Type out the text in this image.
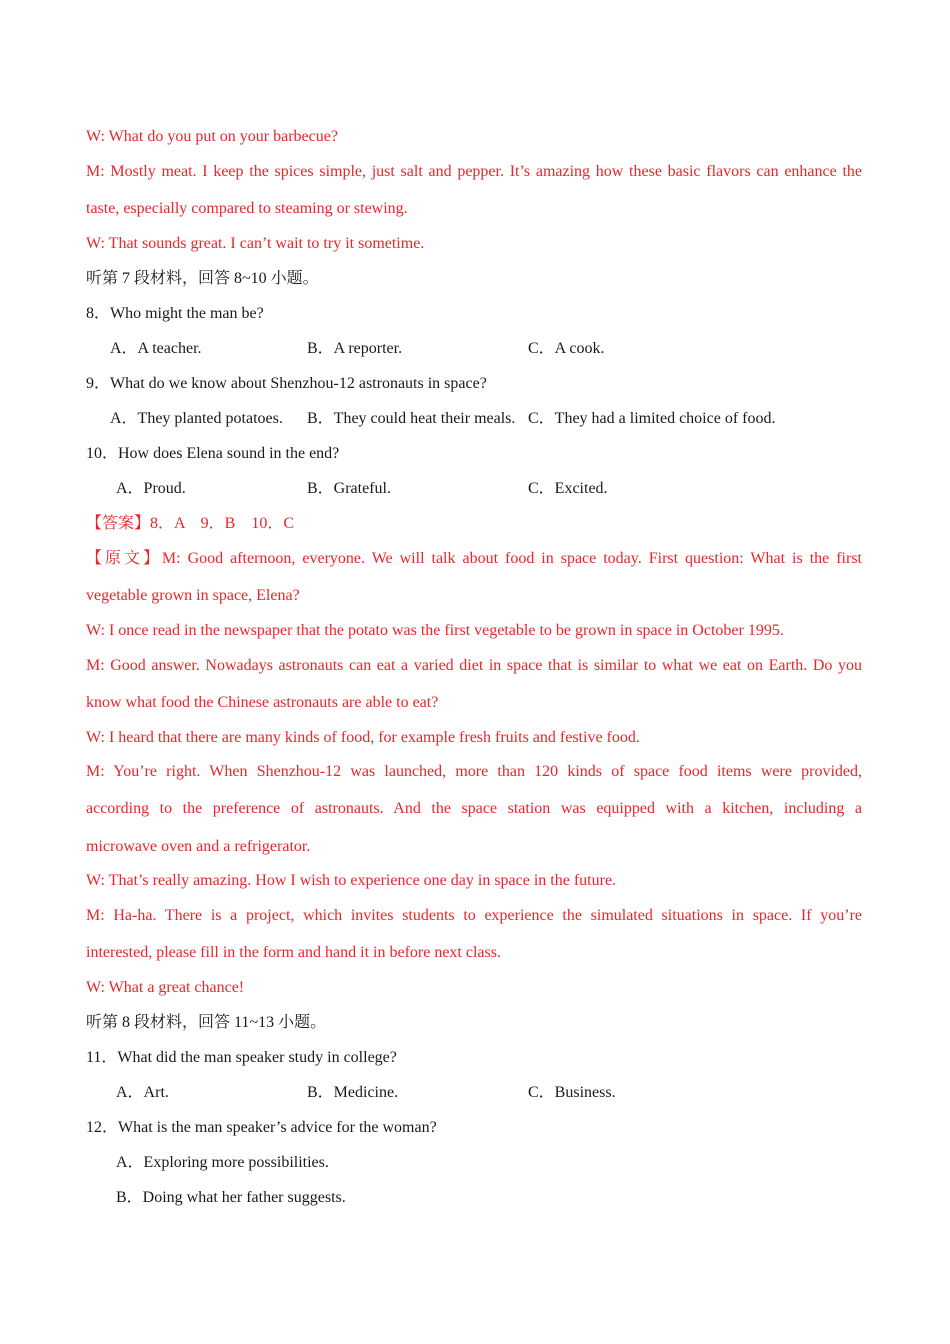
W: What do you put on your barbecue?
M: Mostly meat. I keep the spices simple, just salt and pepper. It’s amazing how these basic flavors can enhance the
taste, especially compared to steaming or stewing.
W: That sounds great. I can’t wait to try it sometime.
听第 7 段材料，回答 8~10 小题。
8．Who might the man be?
A．A teacher.	B．A reporter.	C．A cook.
9．What do we know about Shenzhou-12 astronauts in space?
A．They planted potatoes. B．They could heat their meals. C．They had a limited choice of food.
10．How does Elena sound in the end?
A．Proud.	B．Grateful.	C．Excited.
【答案】8．A　9．B　10．C
【原文】M: Good afternoon, everyone. We will talk about food in space today. First question: What is the first
vegetable grown in space, Elena?
W: I once read in the newspaper that the potato was the first vegetable to be grown in space in October 1995.
M: Good answer. Nowadays astronauts can eat a varied diet in space that is similar to what we eat on Earth. Do you
know what food the Chinese astronauts are able to eat?
W: I heard that there are many kinds of food, for example fresh fruits and festive food.
M: You’re right. When Shenzhou-12 was launched, more than 120 kinds of space food items were provided,
according to the preference of astronauts. And the space station was equipped with a kitchen, including a
microwave oven and a refrigerator.
W: That’s really amazing. How I wish to experience one day in space in the future.
M: Ha-ha. There is a project, which invites students to experience the simulated situations in space. If you’re
interested, please fill in the form and hand it in before next class.
W: What a great chance!
听第 8 段材料，回答 11~13 小题。
11．What did the man speaker study in college?
A．Art.	B．Medicine.	C．Business.
12．What is the man speaker’s advice for the woman?
A．Exploring more possibilities.
B．Doing what her father suggests.
